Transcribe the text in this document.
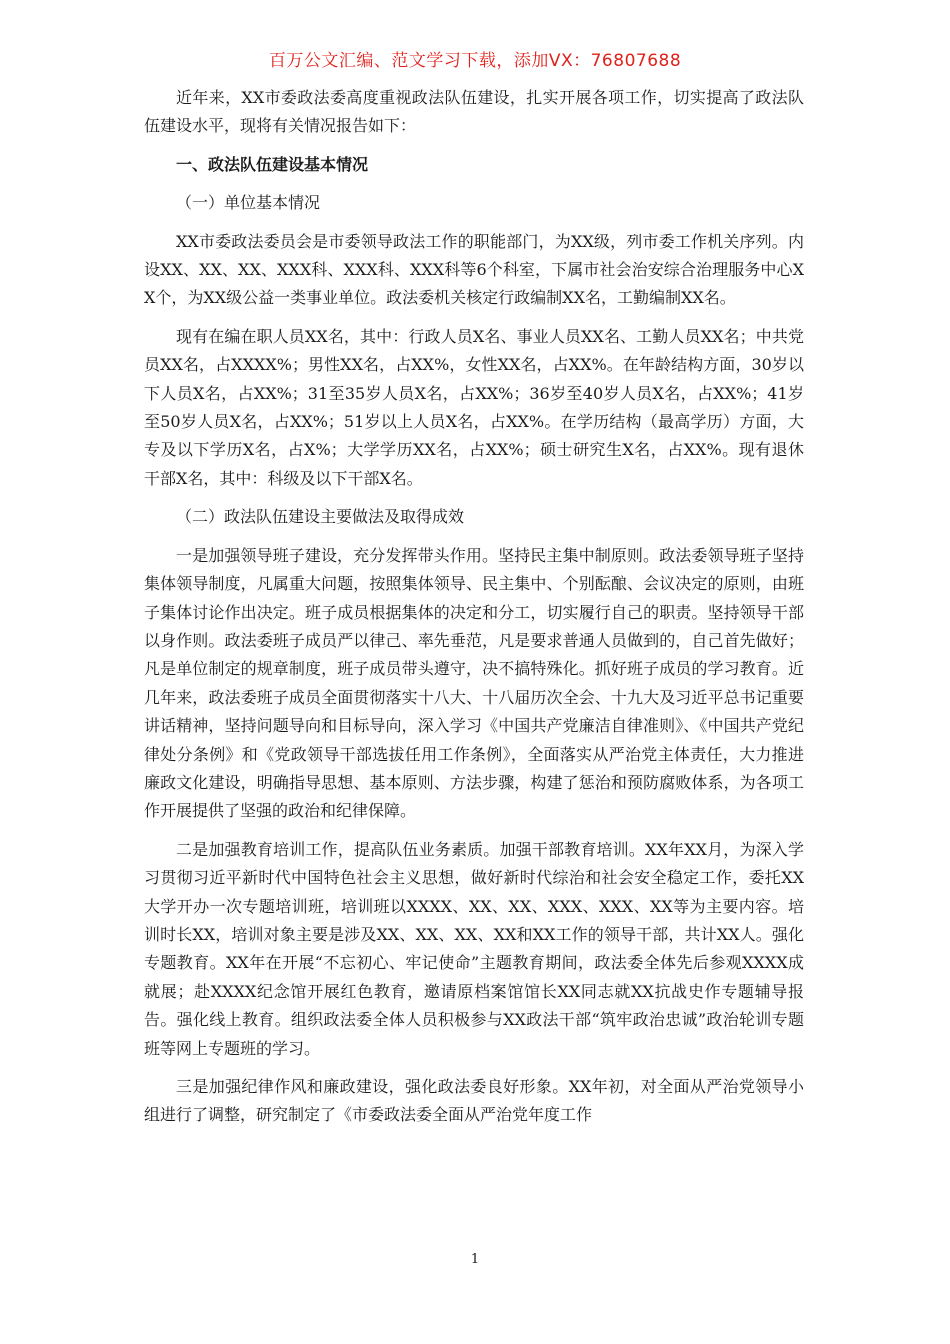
百万公文汇编、范文学习下载，添加VX：76807688

近年来，XX市委政法委高度重视政法队伍建设，扎实开展各项工作，切实提高了政法队伍建设水平，现将有关情况报告如下：

一、政法队伍建设基本情况

（一）单位基本情况

XX市委政法委员会是市委领导政法工作的职能部门，为XX级，列市委工作机关序列。内设XX、XX、XX、XXX科、XXX科、XXX科等6个科室，下属市社会治安综合治理服务中心XX个，为XX级公益一类事业单位。政法委机关核定行政编制XX名，工勤编制XX名。

现有在编在职人员XX名，其中：行政人员X名、事业人员XX名、工勤人员XX名；中共党员XX名，占XXXX%；男性XX名，占XX%，女性XX名，占XX%。在年龄结构方面，30岁以下人员X名，占XX%；31至35岁人员X名，占XX%；36岁至40岁人员X名，占XX%；41岁至50岁人员X名，占XX%；51岁以上人员X名，占XX%。在学历结构（最高学历）方面，大专及以下学历X名，占X%；大学学历XX名，占XX%；硕士研究生X名，占XX%。现有退休干部X名，其中：科级及以下干部X名。

（二）政法队伍建设主要做法及取得成效

一是加强领导班子建设，充分发挥带头作用。坚持民主集中制原则。政法委领导班子坚持集体领导制度，凡属重大问题，按照集体领导、民主集中、个别酝酿、会议决定的原则，由班子集体讨论作出决定。班子成员根据集体的决定和分工，切实履行自己的职责。坚持领导干部以身作则。政法委班子成员严以律己、率先垂范，凡是要求普通人员做到的，自己首先做好；凡是单位制定的规章制度，班子成员带头遵守，决不搞特殊化。抓好班子成员的学习教育。近几年来，政法委班子成员全面贯彻落实十八大、十八届历次全会、十九大及习近平总书记重要讲话精神，坚持问题导向和目标导向，深入学习《中国共产党廉洁自律准则》、《中国共产党纪律处分条例》和《党政领导干部选拔任用工作条例》，全面落实从严治党主体责任，大力推进廉政文化建设，明确指导思想、基本原则、方法步骤，构建了惩治和预防腐败体系，为各项工作开展提供了坚强的政治和纪律保障。

二是加强教育培训工作，提高队伍业务素质。加强干部教育培训。XX年XX月，为深入学习贯彻习近平新时代中国特色社会主义思想，做好新时代综治和社会安全稳定工作，委托XX大学开办一次专题培训班，培训班以XXXX、XX、XX、XXX、XXX、XX等为主要内容。培训时长XX，培训对象主要是涉及XX、XX、XX、XX和XX工作的领导干部，共计XX人。强化专题教育。XX年在开展“不忘初心、牢记使命”主题教育期间，政法委全体先后参观XXXX成就展；赴XXXX纪念馆开展红色教育，邀请原档案馆馆长XX同志就XX抗战史作专题辅导报告。强化线上教育。组织政法委全体人员积极参与XX政法干部“筑牢政治忠诚”政治轮训专题班等网上专题班的学习。

三是加强纪律作风和廉政建设，强化政法委良好形象。XX年初，对全面从严治党领导小组进行了调整，研究制定了《市委政法委全面从严治党年度工作

1
